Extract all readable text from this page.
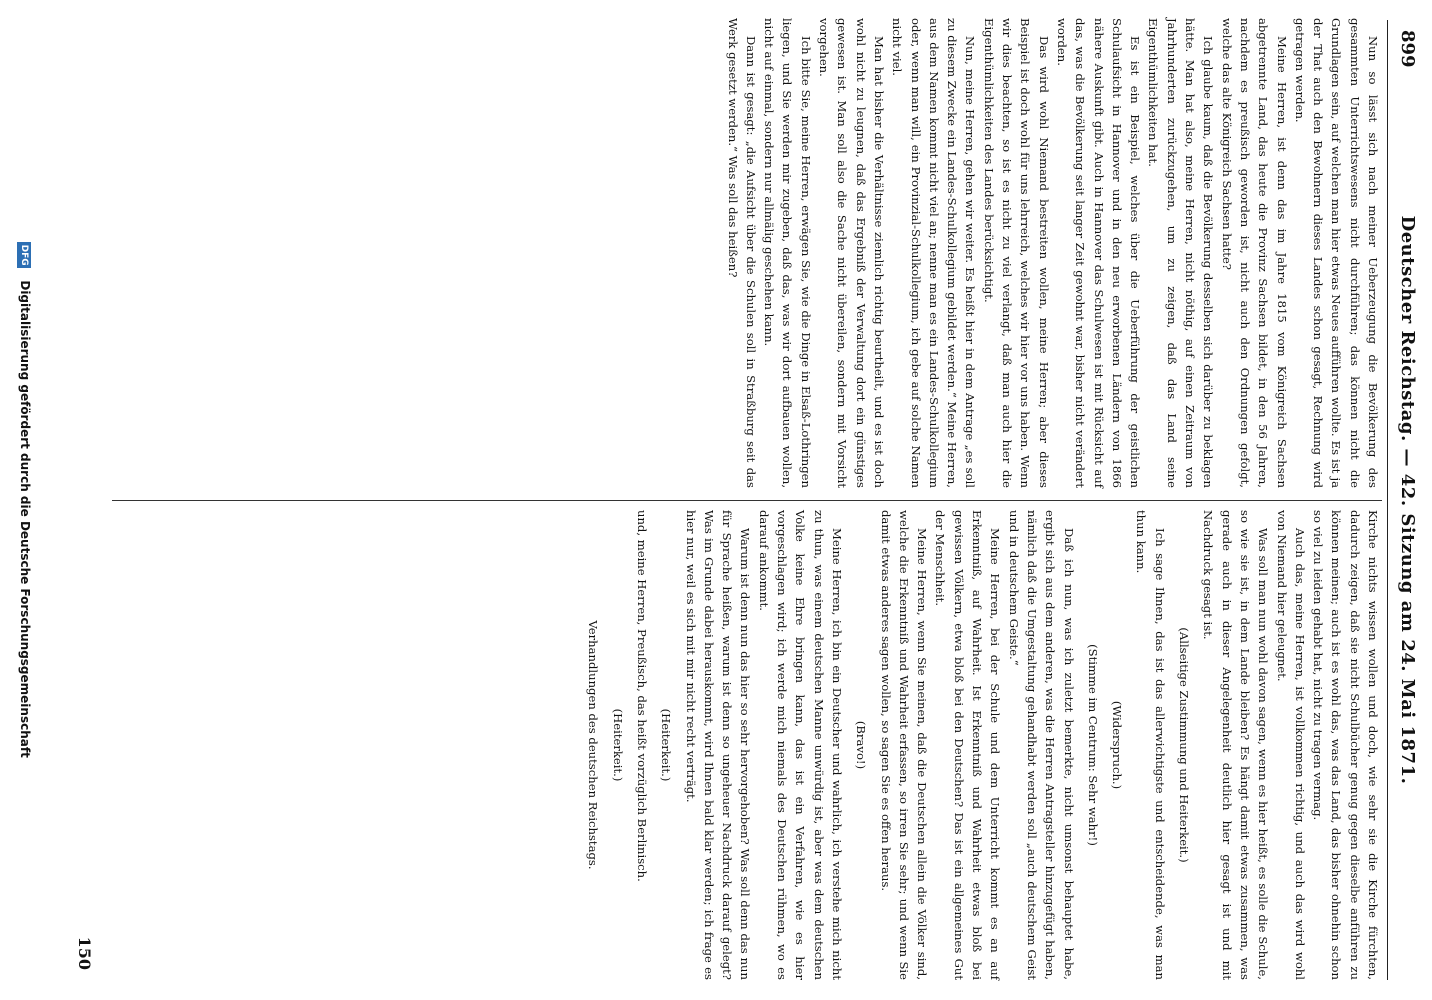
899
Deutscher Reichstag. — 42. Sitzung am 24. Mai 1871.

Nun so lässt sich nach meiner Ueberzeugung die Bevölkerung des gesammten Unterrichtswesens nicht durchführen; das können nicht die Grundlagen sein, auf welchen man hier etwas Neues aufführen wollte. Es ist ja der That auch den Bewohnern dieses Landes schon gesagt, Rechnung wird getragen werden.

Meine Herren, ist denn das im Jahre 1815 vom Königreich Sachsen abgetrennte Land, das heute die Provinz Sachsen bildet, in den 56 Jahren, nachdem es preußisch geworden ist, nicht auch den Ordnungen gefolgt, welche das alte Königreich Sachsen hatte?

Ich glaube kaum, daß die Bevölkerung desselben sich darüber zu beklagen hätte. Man hat also, meine Herren, nicht nöthig, auf einen Zeitraum von Jahrhunderten zurückzugehen, um zu zeigen, daß das Land seine Eigenthümlichkeiten hat.

Es ist ein Beispiel, welches über die Ueberführung der geistlichen Schulaufsicht in Hannover und in den neu erworbenen Ländern von 1866 nähere Auskunft gibt. Auch in Hannover das Schulwesen ist mit Rücksicht auf das, was die Bevölkerung seit langer Zeit gewohnt war, bisher nicht verändert worden.

Das wird wohl Niemand bestreiten wollen, meine Herren; aber dieses Beispiel ist doch wohl für uns lehrreich, welches wir hier vor uns haben. Wenn wir dies beachten, so ist es nicht zu viel verlangt, daß man auch hier die Eigenthümlichkeiten des Landes berücksichtigt.

Nun, meine Herren, gehen wir weiter. Es heißt hier in dem Antrage „es soll zu diesem Zwecke ein Landes-Schulkollegium gebildet werden.“ Meine Herren, aus dem Namen kommt nicht viel an; nenne man es ein Landes-Schulkollegium oder, wenn man will, ein Provinzial-Schulkollegium, ich gebe auf solche Namen nicht viel.

Man hat bisher die Verhältnisse ziemlich richtig beurtheilt, und es ist doch wohl nicht zu leugnen, daß das Ergebniß der Verwaltung dort ein günstiges gewesen ist. Man soll also die Sache nicht übereilen, sondern mit Vorsicht vorgehen.

Ich bitte Sie, meine Herren, erwägen Sie, wie die Dinge in Elsaß-Lothringen liegen, und Sie werden mir zugeben, daß das, was wir dort aufbauen wollen, nicht auf einmal, sondern nur allmälig geschehen kann.

Dann ist gesagt: „die Aufsicht über die Schulen soll in Straßburg seit das Werk gesetzt werden.“ Was soll das heißen?

Kirche nichts wissen wollen und doch, wie sehr sie die Kirche fürchten, dadurch zeigen, daß sie nicht Schulbücher genug gegen dieselbe anführen zu können meinen; auch ist es wohl das, was das Land, das bisher ohnehin schon so viel zu leiden gehabt hat, nicht zu tragen vermag.

Auch das, meine Herren, ist vollkommen richtig, und auch das wird wohl von Niemand hier geleugnet.

Was soll man nun wohl davon sagen, wenn es hier heißt, es solle die Schule, so wie sie ist, in dem Lande bleiben? Es hängt damit etwas zusammen, was gerade auch in dieser Angelegenheit deutlich hier gesagt ist und mit Nachdruck gesagt ist.

(Allseitige Zustimmung und Heiterkeit.)

Ich sage Ihnen, das ist das allerwichtigste und entscheidende, was man thun kann.

(Widerspruch.)

(Stimme im Centrum: Sehr wahr!)

Daß ich nun, was ich zuletzt bemerkte, nicht umsonst behauptet habe, ergibt sich aus dem anderen, was die Herren Antragsteller hinzugefügt haben, nämlich daß die Umgestaltung gehandhabt werden soll „auch deutschem Geist und in deutschem Geiste.“

Meine Herren, bei der Schule und dem Unterricht kommt es an auf Erkenntniß, auf Wahrheit. Ist Erkenntniß und Wahrheit etwas bloß bei gewissen Völkern, etwa bloß bei den Deutschen? Das ist ein allgemeines Gut der Menschheit.

Meine Herren, wenn Sie meinen, daß die Deutschen allein die Völker sind, welche die Erkenntniß und Wahrheit erfassen, so irren Sie sehr; und wenn Sie damit etwas anderes sagen wollen, so sagen Sie es offen heraus.

(Bravo!)

Meine Herren, ich bin ein Deutscher und wahrlich, ich verstehe mich nicht zu thun, was einem deutschen Manne unwürdig ist, aber was dem deutschen Volke keine Ehre bringen kann, das ist ein Verfahren, wie es hier vorgeschlagen wird; ich werde mich niemals des Deutschen rühmen, wo es darauf ankommt.

Warum ist denn nun das hier so sehr hervorgehoben? Was soll denn das nun für Sprache heißen, warum ist denn so ungeheuer Nachdruck darauf gelegt? Was im Grunde dabei herauskommt, wird Ihnen bald klar werden; ich frage es hier nur, weil es sich mit mir nicht recht verträgt.

(Heiterkeit.)

und, meine Herren, Preußisch, das heißt vorzüglich Berlinisch.

(Heiterkeit.)

Verhandlungen des deutschen Reichstags.

150
DFG Digitalisierung gefördert durch die Deutsche Forschungsgemeinschaft
